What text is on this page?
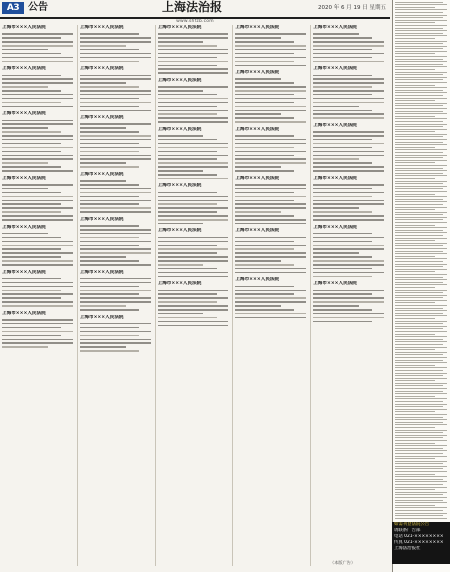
A3 公告	上海法治报	2020 年 6 月 19 日 星期五
www.shfzb.com
上海市×××人民法院
上海市×××人民法院
上海市×××人民法院
上海市×××人民法院
上海市×××人民法院
上海市×××人民法院
上海市×××人民法院
上海市×××人民法院
上海市×××人民法院
上海市×××人民法院
上海市×××人民法院
上海市×××人民法院
上海市×××人民法院
上海市×××人民法院
上海市×××人民法院
上海市×××人民法院
上海市×××人民法院
上海市×××人民法院
上海市×××人民法院
上海市×××人民法院
上海市×××人民法院
上海市×××人民法院
上海市×××人民法院
上海市×××人民法院
上海市×××人民法院
上海市×××人民法院
上海市×××人民法院
上海市×××人民法院
上海市×××人民法院
上海市×××人民法院
上海市×××人民法院
上海市×××人民法院
（本版广告）
如需刊登法院公告
请联系广告部
电话 021-××××××××
传真 021-××××××××
上海法治报社
